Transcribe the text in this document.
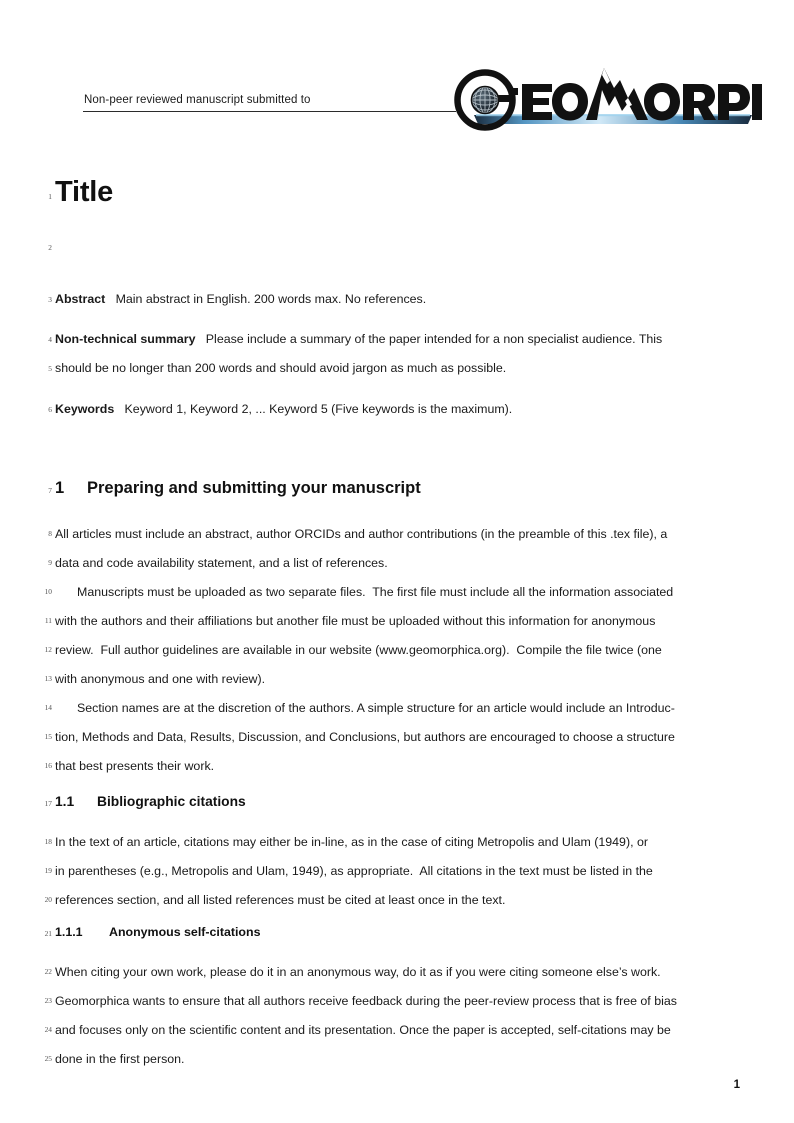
Non-peer reviewed manuscript submitted to
1 Title
2
3 Abstract Main abstract in English. 200 words max. No references.
4 Non-technical summary Please include a summary of the paper intended for a non specialist audience. This
5 should be no longer than 200 words and should avoid jargon as much as possible.
6 Keywords Keyword 1, Keyword 2, ... Keyword 5 (Five keywords is the maximum).
7 1 Preparing and submitting your manuscript
8 All articles must include an abstract, author ORCIDs and author contributions (in the preamble of this .tex file), a
9 data and code availability statement, and a list of references.
10	Manuscripts must be uploaded as two separate files.  The first file must include all the information associated
11 with the authors and their affiliations but another file must be uploaded without this information for anonymous
12 review.  Full author guidelines are available in our website (www.geomorphica.org).  Compile the file twice (one
13 with anonymous and one with review).
14	Section names are at the discretion of the authors. A simple structure for an article would include an Introduc-
15 tion, Methods and Data, Results, Discussion, and Conclusions, but authors are encouraged to choose a structure
16 that best presents their work.
17 1.1 Bibliographic citations
18 In the text of an article, citations may either be in-line, as in the case of citing Metropolis and Ulam (1949), or
19 in parentheses (e.g., Metropolis and Ulam, 1949), as appropriate.  All citations in the text must be listed in the
20 references section, and all listed references must be cited at least once in the text.
21 1.1.1 Anonymous self-citations
22 When citing your own work, please do it in an anonymous way, do it as if you were citing someone else’s work.
23 Geomorphica wants to ensure that all authors receive feedback during the peer-review process that is free of bias
24 and focuses only on the scientific content and its presentation. Once the paper is accepted, self-citations may be
25 done in the first person.
1
